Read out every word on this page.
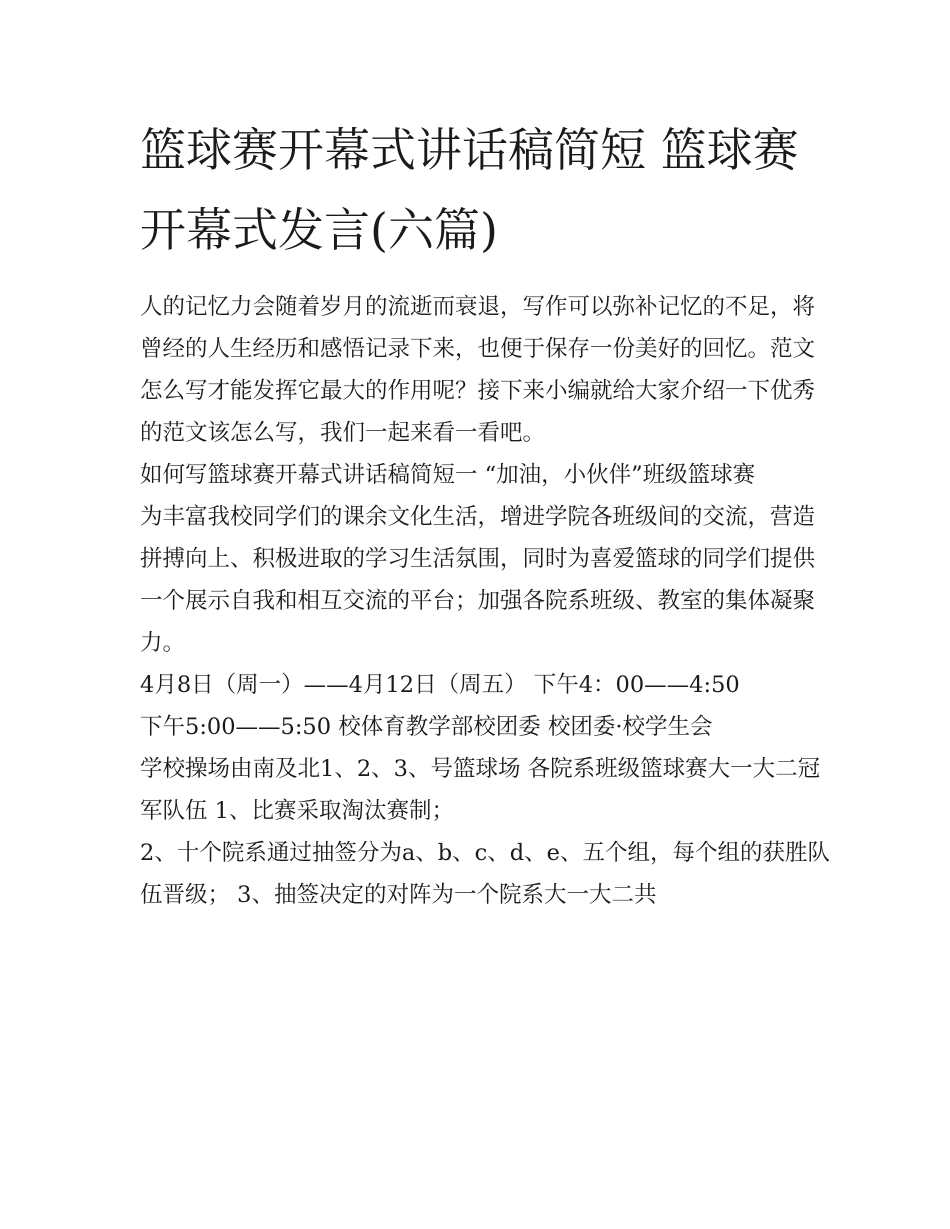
篮球赛开幕式讲话稿简短 篮球赛开幕式发言(六篇)

人的记忆力会随着岁月的流逝而衰退，写作可以弥补记忆的不足，将曾经的人生经历和感悟记录下来，也便于保存一份美好的回忆。范文怎么写才能发挥它最大的作用呢？接下来小编就给大家介绍一下优秀的范文该怎么写，我们一起来看一看吧。

如何写篮球赛开幕式讲话稿简短一 “加油，小伙伴”班级篮球赛

为丰富我校同学们的课余文化生活，增进学院各班级间的交流，营造拼搏向上、积极进取的学习生活氛围，同时为喜爱篮球的同学们提供一个展示自我和相互交流的平台；加强各院系班级、教室的集体凝聚力。

4月8日（周一）——4月12日（周五） 下午4：00——4:50

下午5:00——5:50 校体育教学部校团委 校团委·校学生会

学校操场由南及北1、2、3、号篮球场 各院系班级篮球赛大一大二冠军队伍 1、比赛采取淘汰赛制；

2、十个院系通过抽签分为a、b、c、d、e、五个组，每个组的获胜队伍晋级； 3、抽签决定的对阵为一个院系大一大二共
